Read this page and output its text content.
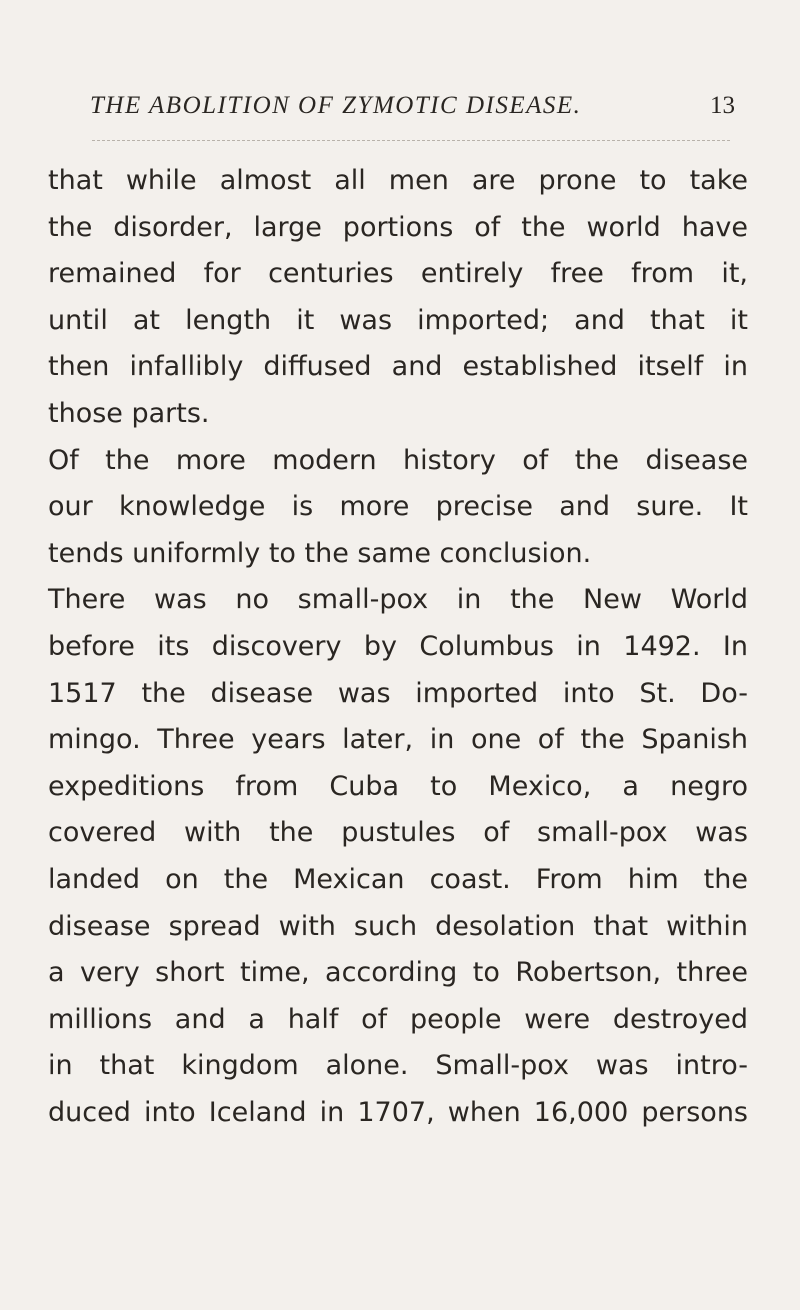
THE ABOLITION OF ZYMOTIC DISEASE.	13
that while almost all men are prone to take
the disorder, large portions of the world have
remained for centuries entirely free from it,
until at length it was imported; and that it
then infallibly diffused and established itself in
those parts.
Of the more modern history of the disease
our knowledge is more precise and sure. It
tends uniformly to the same conclusion.
There was no small-pox in the New World
before its discovery by Columbus in 1492. In
1517 the disease was imported into St. Do-
mingo. Three years later, in one of the Spanish
expeditions from Cuba to Mexico, a negro
covered with the pustules of small-pox was
landed on the Mexican coast. From him the
disease spread with such desolation that within
a very short time, according to Robertson, three
millions and a half of people were destroyed
in that kingdom alone. Small-pox was intro-
duced into Iceland in 1707, when 16,000 persons
